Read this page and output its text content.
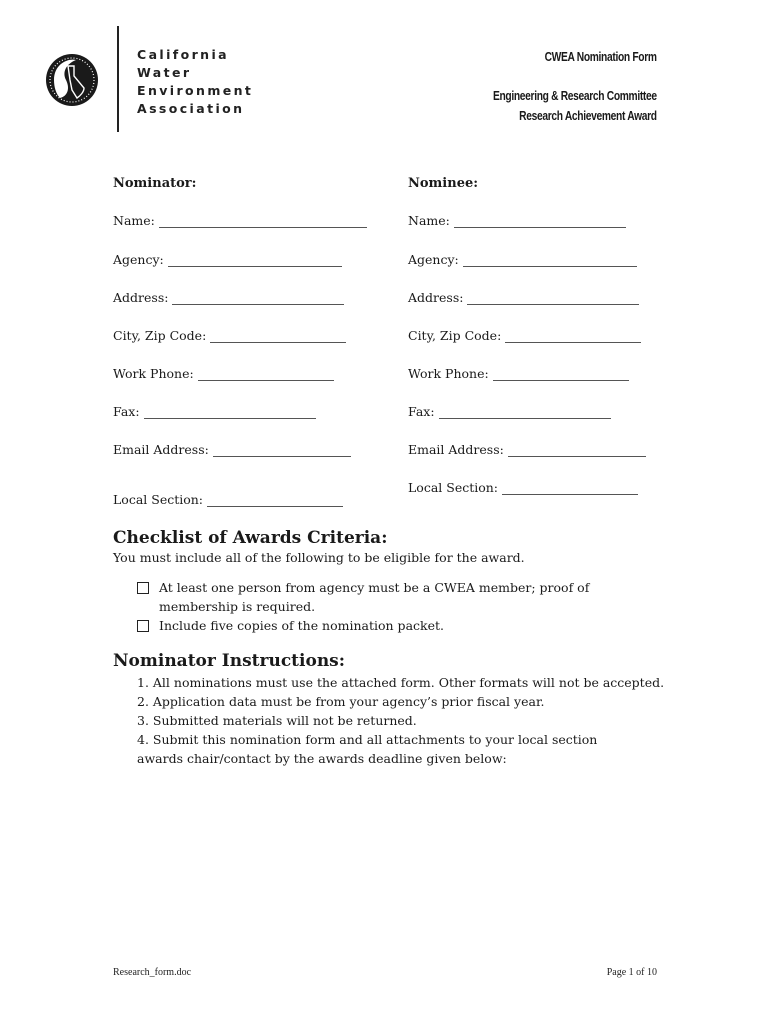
California
Water
Environment
Association
CWEA Nomination Form
Engineering & Research Committee
Research Achievement Award
Nominator:
Name:
Agency:
Address:
City, Zip Code:
Work Phone:
Fax:
Email Address:
Local Section:
Nominee:
Name:
Agency:
Address:
City, Zip Code:
Work Phone:
Fax:
Email Address:
Local Section:
Checklist of Awards Criteria:
You must include all of the following to be eligible for the award.
At least one person from agency must be a CWEA member; proof of membership is required.
Include five copies of the nomination packet.
Nominator Instructions:
1. All nominations must use the attached form. Other formats will not be accepted.
2. Application data must be from your agency’s prior fiscal year.
3. Submitted materials will not be returned.
4. Submit this nomination form and all attachments to your local section awards chair/contact by the awards deadline given below:
Research_form.doc	Page 1 of 10
